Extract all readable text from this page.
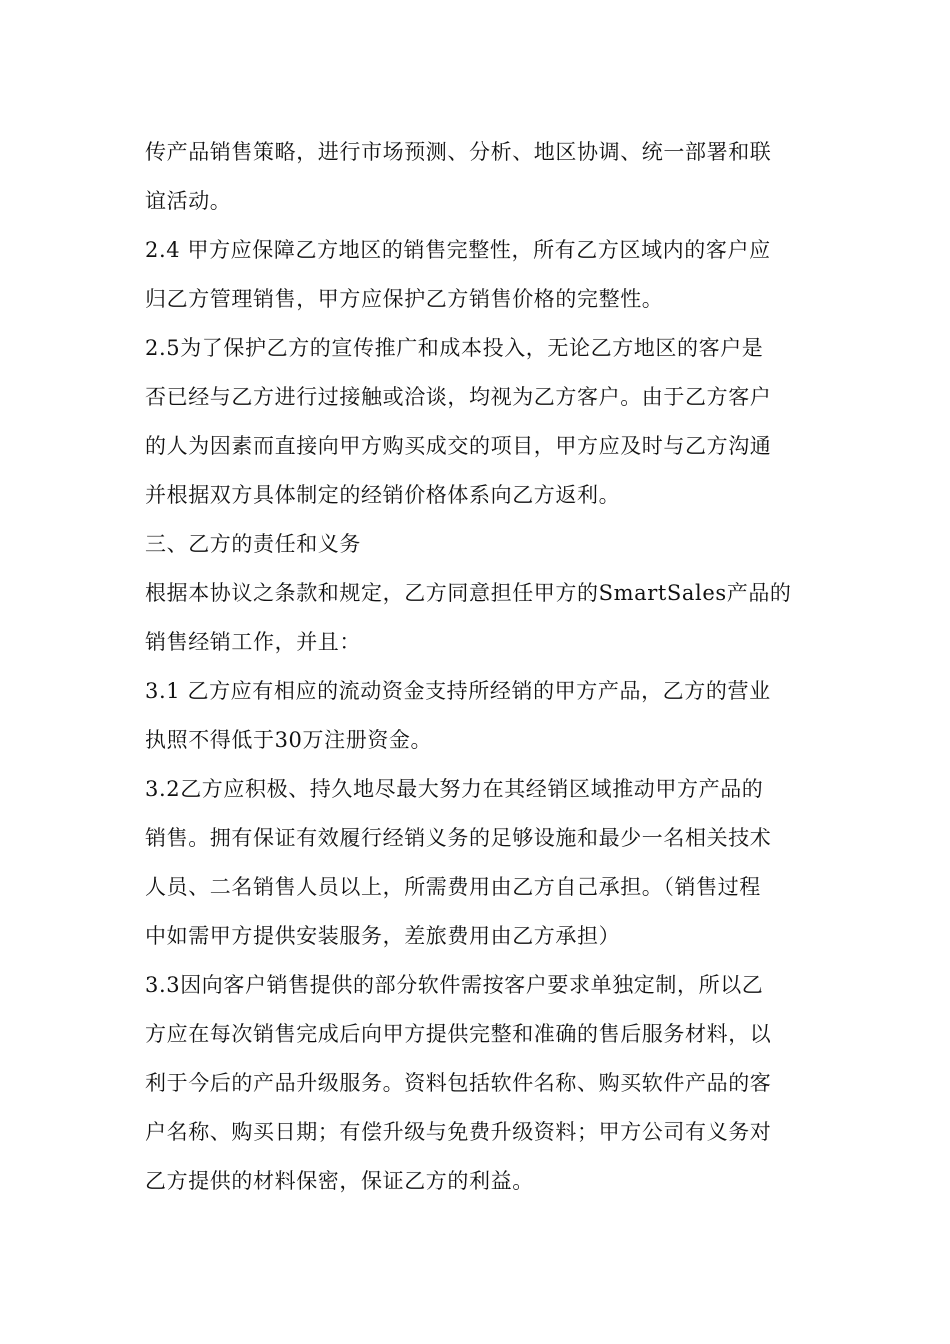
传产品销售策略，进行市场预测、分析、地区协调、统一部署和联
谊活动。
2.4 甲方应保障乙方地区的销售完整性，所有乙方区域内的客户应
归乙方管理销售，甲方应保护乙方销售价格的完整性。
2.5为了保护乙方的宣传推广和成本投入，无论乙方地区的客户是
否已经与乙方进行过接触或洽谈，均视为乙方客户。由于乙方客户
的人为因素而直接向甲方购买成交的项目，甲方应及时与乙方沟通
并根据双方具体制定的经销价格体系向乙方返利。
三、乙方的责任和义务
根据本协议之条款和规定，乙方同意担任甲方的SmartSales产品的
销售经销工作，并且：
3.1 乙方应有相应的流动资金支持所经销的甲方产品，乙方的营业
执照不得低于30万注册资金。
3.2乙方应积极、持久地尽最大努力在其经销区域推动甲方产品的
销售。拥有保证有效履行经销义务的足够设施和最少一名相关技术
人员、二名销售人员以上，所需费用由乙方自己承担。（销售过程
中如需甲方提供安装服务，差旅费用由乙方承担）
3.3因向客户销售提供的部分软件需按客户要求单独定制，所以乙
方应在每次销售完成后向甲方提供完整和准确的售后服务材料，以
利于今后的产品升级服务。资料包括软件名称、购买软件产品的客
户名称、购买日期；有偿升级与免费升级资料；甲方公司有义务对
乙方提供的材料保密，保证乙方的利益。
